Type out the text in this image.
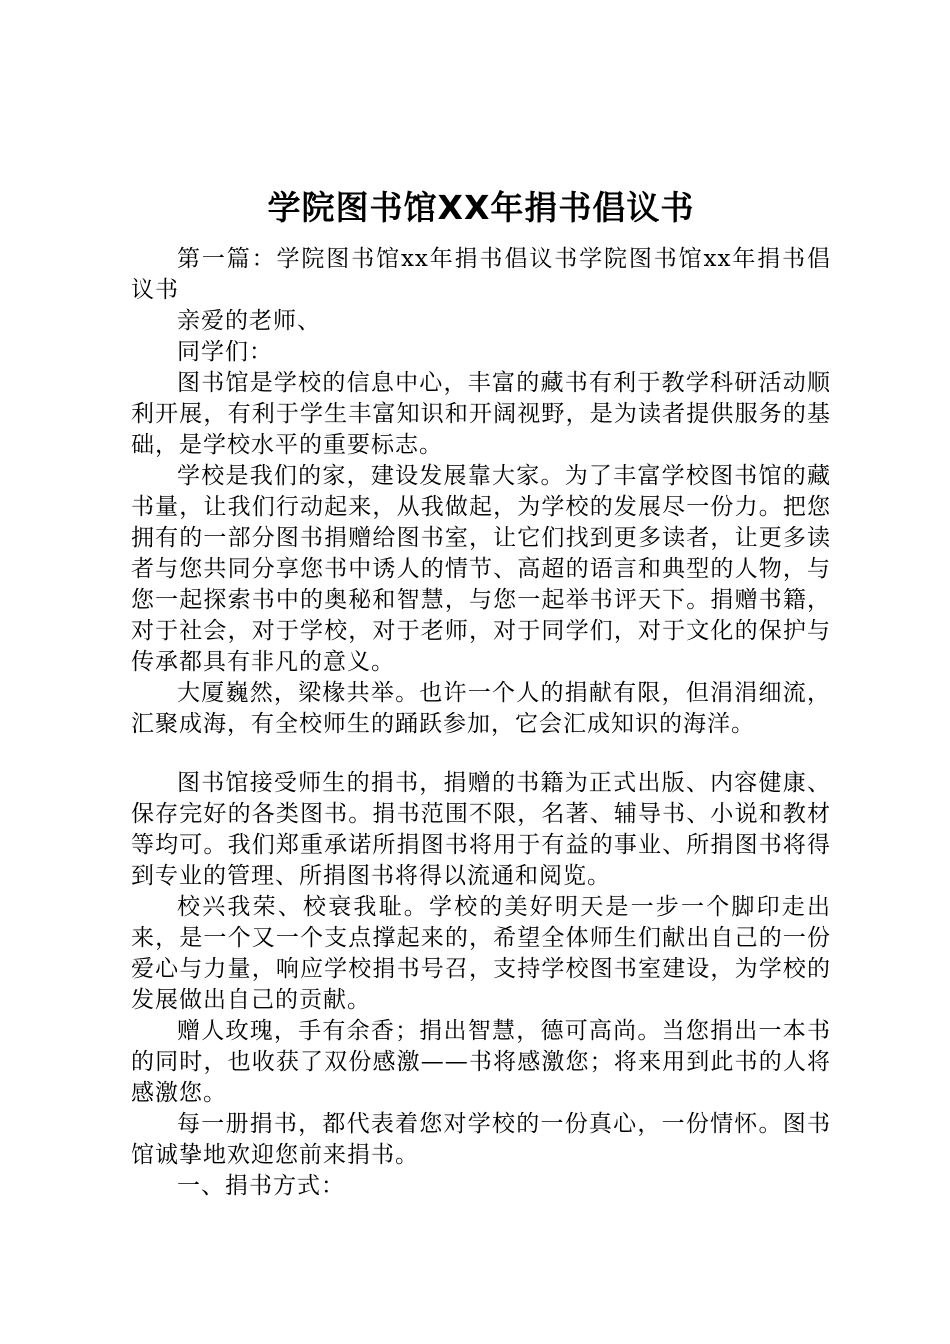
学院图书馆XX年捐书倡议书

第一篇：学院图书馆xx年捐书倡议书学院图书馆xx年捐书倡议书

亲爱的老师、

同学们：

图书馆是学校的信息中心，丰富的藏书有利于教学科研活动顺利开展，有利于学生丰富知识和开阔视野，是为读者提供服务的基础，是学校水平的重要标志。

学校是我们的家，建设发展靠大家。为了丰富学校图书馆的藏书量，让我们行动起来，从我做起，为学校的发展尽一份力。把您拥有的一部分图书捐赠给图书室，让它们找到更多读者，让更多读者与您共同分享您书中诱人的情节、高超的语言和典型的人物，与您一起探索书中的奥秘和智慧，与您一起举书评天下。捐赠书籍，对于社会，对于学校，对于老师，对于同学们，对于文化的保护与传承都具有非凡的意义。

大厦巍然，梁椽共举。也许一个人的捐献有限，但涓涓细流，汇聚成海，有全校师生的踊跃参加，它会汇成知识的海洋。

图书馆接受师生的捐书，捐赠的书籍为正式出版、内容健康、保存完好的各类图书。捐书范围不限，名著、辅导书、小说和教材等均可。我们郑重承诺所捐图书将用于有益的事业、所捐图书将得到专业的管理、所捐图书将得以流通和阅览。

校兴我荣、校衰我耻。学校的美好明天是一步一个脚印走出来，是一个又一个支点撑起来的，希望全体师生们献出自己的一份爱心与力量，响应学校捐书号召，支持学校图书室建设，为学校的发展做出自己的贡献。

赠人玫瑰，手有余香；捐出智慧，德可高尚。当您捐出一本书的同时，也收获了双份感激——书将感激您；将来用到此书的人将感激您。

每一册捐书，都代表着您对学校的一份真心，一份情怀。图书馆诚挚地欢迎您前来捐书。

一、捐书方式：
